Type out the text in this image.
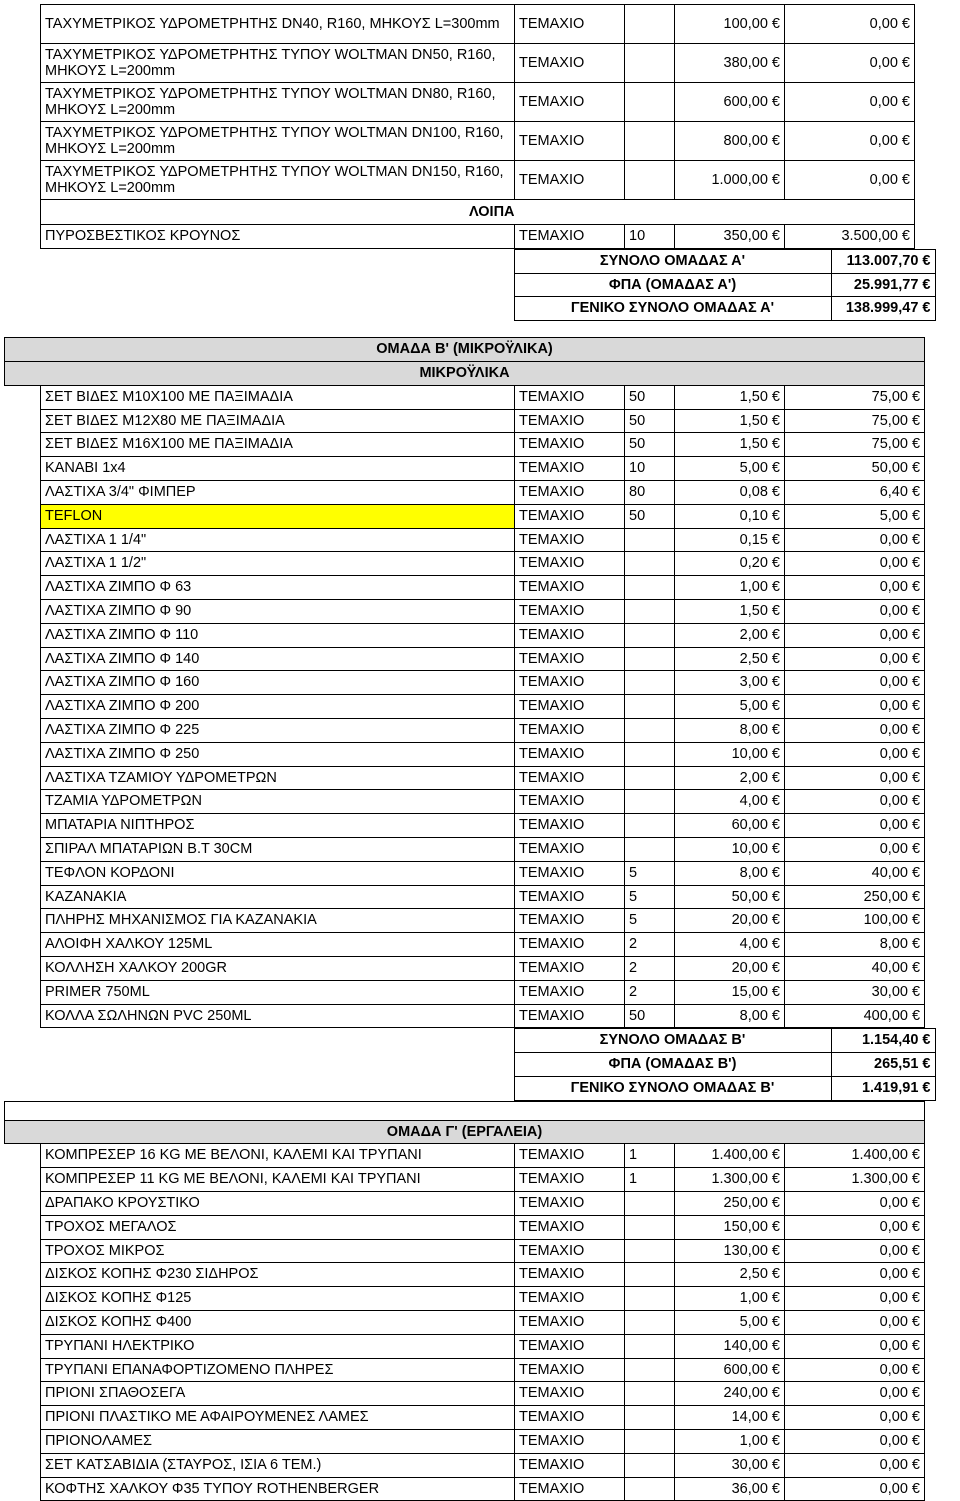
ΤΑΧΥΜΕΤΡΙΚΟΣ ΥΔΡΟΜΕΤΡΗΤΗΣ DN40, R160, ΜΗΚΟΥΣ L=300mm	ΤΕΜΑΧΙΟ		100,00 €	0,00 €
ΤΑΧΥΜΕΤΡΙΚΟΣ ΥΔΡΟΜΕΤΡΗΤΗΣ ΤΥΠΟΥ WOLTMAN DN50, R160, ΜΗΚΟΥΣ L=200mm	ΤΕΜΑΧΙΟ		380,00 €	0,00 €
ΤΑΧΥΜΕΤΡΙΚΟΣ ΥΔΡΟΜΕΤΡΗΤΗΣ ΤΥΠΟΥ WOLTMAN DN80, R160, ΜΗΚΟΥΣ L=200mm	ΤΕΜΑΧΙΟ		600,00 €	0,00 €
ΤΑΧΥΜΕΤΡΙΚΟΣ ΥΔΡΟΜΕΤΡΗΤΗΣ ΤΥΠΟΥ WOLTMAN DN100, R160, ΜΗΚΟΥΣ L=200mm	ΤΕΜΑΧΙΟ		800,00 €	0,00 €
ΤΑΧΥΜΕΤΡΙΚΟΣ ΥΔΡΟΜΕΤΡΗΤΗΣ ΤΥΠΟΥ WOLTMAN DN150, R160, ΜΗΚΟΥΣ L=200mm	ΤΕΜΑΧΙΟ		1.000,00 €	0,00 €
ΛΟΙΠΑ				
ΠΥΡΟΣΒΕΣΤΙΚΟΣ ΚΡΟΥΝΟΣ	ΤΕΜΑΧΙΟ	10	350,00 €	3.500,00 €
	ΣΥΝΟΛΟ ΟΜΑΔΑΣ Α'	113.007,70 €
	ΦΠΑ (ΟΜΑΔΑΣ Α')	25.991,77 €
	ΓΕΝΙΚΟ ΣΥΝΟΛΟ ΟΜΑΔΑΣ Α'	138.999,47 €
ΟΜΑΔΑ Β' (ΜΙΚΡΟΫΛΙΚΑ)					
ΜΙΚΡΟΫΛΙΚΑ					
	ΣΕΤ ΒΙΔΕΣ Μ10Χ100 ΜΕ ΠΑΞΙΜΑΔΙΑ	ΤΕΜΑΧΙΟ	50	1,50 €	75,00 €
	ΣΕΤ ΒΙΔΕΣ Μ12Χ80 ΜΕ ΠΑΞΙΜΑΔΙΑ	ΤΕΜΑΧΙΟ	50	1,50 €	75,00 €
	ΣΕΤ ΒΙΔΕΣ Μ16Χ100 ΜΕ ΠΑΞΙΜΑΔΙΑ	ΤΕΜΑΧΙΟ	50	1,50 €	75,00 €
	ΚΑΝΑΒΙ 1x4	ΤΕΜΑΧΙΟ	10	5,00 €	50,00 €
	ΛΑΣΤΙΧΑ 3/4" ΦΙΜΠΕΡ	ΤΕΜΑΧΙΟ	80	0,08 €	6,40 €
	TEFLON	ΤΕΜΑΧΙΟ	50	0,10 €	5,00 €
	ΛΑΣΤΙΧΑ 1 1/4"	ΤΕΜΑΧΙΟ		0,15 €	0,00 €
	ΛΑΣΤΙΧΑ 1 1/2"	ΤΕΜΑΧΙΟ		0,20 €	0,00 €
	ΛΑΣΤΙΧΑ ΖΙΜΠΟ Φ 63	ΤΕΜΑΧΙΟ		1,00 €	0,00 €
	ΛΑΣΤΙΧΑ ΖΙΜΠΟ Φ 90	ΤΕΜΑΧΙΟ		1,50 €	0,00 €
	ΛΑΣΤΙΧΑ ΖΙΜΠΟ Φ 110	ΤΕΜΑΧΙΟ		2,00 €	0,00 €
	ΛΑΣΤΙΧΑ ΖΙΜΠΟ Φ 140	ΤΕΜΑΧΙΟ		2,50 €	0,00 €
	ΛΑΣΤΙΧΑ ΖΙΜΠΟ Φ 160	ΤΕΜΑΧΙΟ		3,00 €	0,00 €
	ΛΑΣΤΙΧΑ ΖΙΜΠΟ Φ 200	ΤΕΜΑΧΙΟ		5,00 €	0,00 €
	ΛΑΣΤΙΧΑ ΖΙΜΠΟ Φ 225	ΤΕΜΑΧΙΟ		8,00 €	0,00 €
	ΛΑΣΤΙΧΑ ΖΙΜΠΟ Φ 250	ΤΕΜΑΧΙΟ		10,00 €	0,00 €
	ΛΑΣΤΙΧΑ ΤΖΑΜΙΟΥ ΥΔΡΟΜΕΤΡΩΝ	ΤΕΜΑΧΙΟ		2,00 €	0,00 €
	ΤΖΑΜΙΑ ΥΔΡΟΜΕΤΡΩΝ	ΤΕΜΑΧΙΟ		4,00 €	0,00 €
	ΜΠΑΤΑΡΙΑ ΝΙΠΤΗΡΟΣ	ΤΕΜΑΧΙΟ		60,00 €	0,00 €
	ΣΠΙΡΑΛ ΜΠΑΤΑΡΙΩΝ Β.Τ 30CM	ΤΕΜΑΧΙΟ		10,00 €	0,00 €
	ΤΕΦΛΟΝ ΚΟΡΔΟΝΙ	ΤΕΜΑΧΙΟ	5	8,00 €	40,00 €
	ΚΑΖΑΝΑΚΙΑ	ΤΕΜΑΧΙΟ	5	50,00 €	250,00 €
	ΠΛΗΡΗΣ ΜΗΧΑΝΙΣΜΟΣ ΓΙΑ ΚΑΖΑΝΑΚΙΑ	ΤΕΜΑΧΙΟ	5	20,00 €	100,00 €
	ΑΛΟΙΦΗ ΧΑΛΚΟΥ 125ML	ΤΕΜΑΧΙΟ	2	4,00 €	8,00 €
	ΚΟΛΛΗΣΗ ΧΑΛΚΟΥ 200GR	ΤΕΜΑΧΙΟ	2	20,00 €	40,00 €
	PRIMER 750ML	ΤΕΜΑΧΙΟ	2	15,00 €	30,00 €
	ΚΟΛΛΑ ΣΩΛΗΝΩΝ PVC 250ML	ΤΕΜΑΧΙΟ	50	8,00 €	400,00 €
	ΣΥΝΟΛΟ ΟΜΑΔΑΣ Β'	1.154,40 €
	ΦΠΑ (ΟΜΑΔΑΣ Β')	265,51 €
	ΓΕΝΙΚΟ ΣΥΝΟΛΟ ΟΜΑΔΑΣ Β'	1.419,91 €

ΟΜΑΔΑ Γ' (ΕΡΓΑΛΕΙΑ)					
	ΚΟΜΠΡΕΣΕΡ 16 KG ΜΕ ΒΕΛΟΝΙ, ΚΑΛΕΜΙ ΚΑΙ ΤΡΥΠΑΝΙ	ΤΕΜΑΧΙΟ	1	1.400,00 €	1.400,00 €
	ΚΟΜΠΡΕΣΕΡ 11 KG ΜΕ ΒΕΛΟΝΙ, ΚΑΛΕΜΙ ΚΑΙ ΤΡΥΠΑΝΙ	ΤΕΜΑΧΙΟ	1	1.300,00 €	1.300,00 €
	ΔΡΑΠΑΚΟ ΚΡΟΥΣΤΙΚΟ	ΤΕΜΑΧΙΟ		250,00 €	0,00 €
	ΤΡΟΧΟΣ ΜΕΓΑΛΟΣ	ΤΕΜΑΧΙΟ		150,00 €	0,00 €
	ΤΡΟΧΟΣ ΜΙΚΡΟΣ	ΤΕΜΑΧΙΟ		130,00 €	0,00 €
	ΔΙΣΚΟΣ ΚΟΠΗΣ Φ230 ΣΙΔΗΡΟΣ	ΤΕΜΑΧΙΟ		2,50 €	0,00 €
	ΔΙΣΚΟΣ ΚΟΠΗΣ Φ125	ΤΕΜΑΧΙΟ		1,00 €	0,00 €
	ΔΙΣΚΟΣ ΚΟΠΗΣ Φ400	ΤΕΜΑΧΙΟ		5,00 €	0,00 €
	ΤΡΥΠΑΝΙ ΗΛΕΚΤΡΙΚΟ	ΤΕΜΑΧΙΟ		140,00 €	0,00 €
	ΤΡΥΠΑΝΙ ΕΠΑΝΑΦΟΡΤΙΖΟΜΕΝΟ ΠΛΗΡΕΣ	ΤΕΜΑΧΙΟ		600,00 €	0,00 €
	ΠΡΙΟΝΙ ΣΠΑΘΟΣΕΓΑ	ΤΕΜΑΧΙΟ		240,00 €	0,00 €
	ΠΡΙΟΝΙ ΠΛΑΣΤΙΚΟ ΜΕ ΑΦΑΙΡΟΥΜΕΝΕΣ ΛΑΜΕΣ	ΤΕΜΑΧΙΟ		14,00 €	0,00 €
	ΠΡΙΟΝΟΛΑΜΕΣ	ΤΕΜΑΧΙΟ		1,00 €	0,00 €
	ΣΕΤ ΚΑΤΣΑΒΙΔΙΑ (ΣΤΑΥΡΟΣ, ΙΣΙΑ 6 ΤΕΜ.)	ΤΕΜΑΧΙΟ		30,00 €	0,00 €
	ΚΟΦΤΗΣ ΧΑΛΚΟΥ Φ35 ΤΥΠΟΥ ROTHENBERGER	ΤΕΜΑΧΙΟ		36,00 €	0,00 €
